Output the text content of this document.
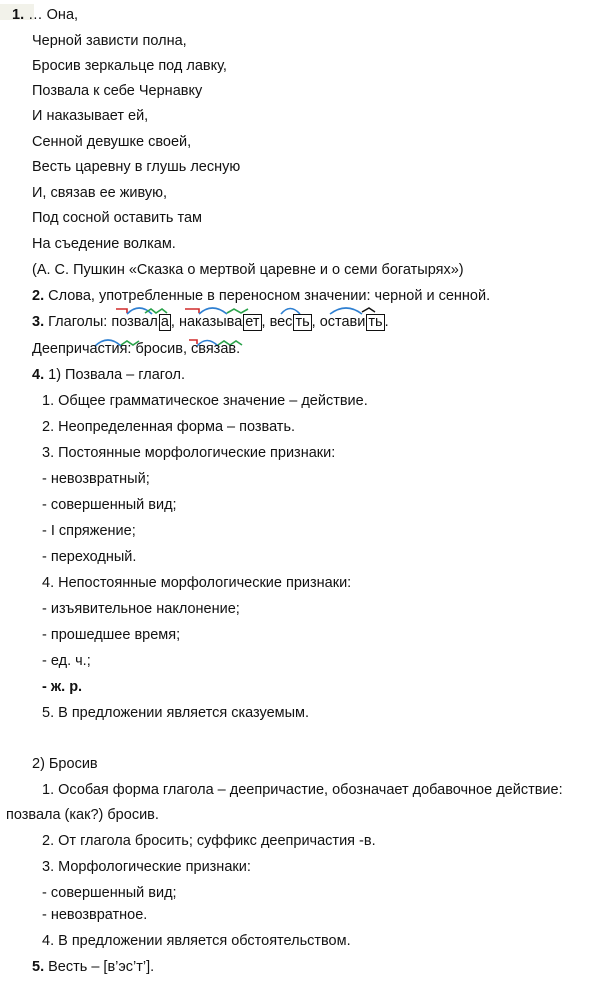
1. … Она,
Черной зависти полна,
Бросив зеркальце под лавку,
Позвала к себе Чернавку
И наказывает ей,
Сенной девушке своей,
Весть царевну в глушь лесную
И, связав ее живую,
Под сосной оставить там
На съедение волкам.
(А. С. Пушкин «Сказка о мертвой царевне и о семи богатырях»)
2. Слова, употребленные в переносном значении: черной и сенной.
3. Глаголы: позвал а , наказыва ет , вес ть , остави ть .
Деепричастия: бросив, связав.
4. 1) Позвала – глагол.
1. Общее грамматическое значение – действие.
2. Неопределенная форма – позвать.
3. Постоянные морфологические признаки:
- невозвратный;
- совершенный вид;
- I спряжение;
- переходный.
4. Непостоянные морфологические признаки:
- изъявительное наклонение;
- прошедшее время;
- ед. ч.;
- ж. р.
5. В предложении является сказуемым.
2) Бросив
1. Особая форма глагола – деепричастие, обозначает добавочное действие:
позвала (как?) бросив.
2. От глагола бросить; суффикс деепричастия -в.
3. Морфологические признаки:
- совершенный вид;
- невозвратное.
4. В предложении является обстоятельством.
5. Весть – [в’эс’т’].
